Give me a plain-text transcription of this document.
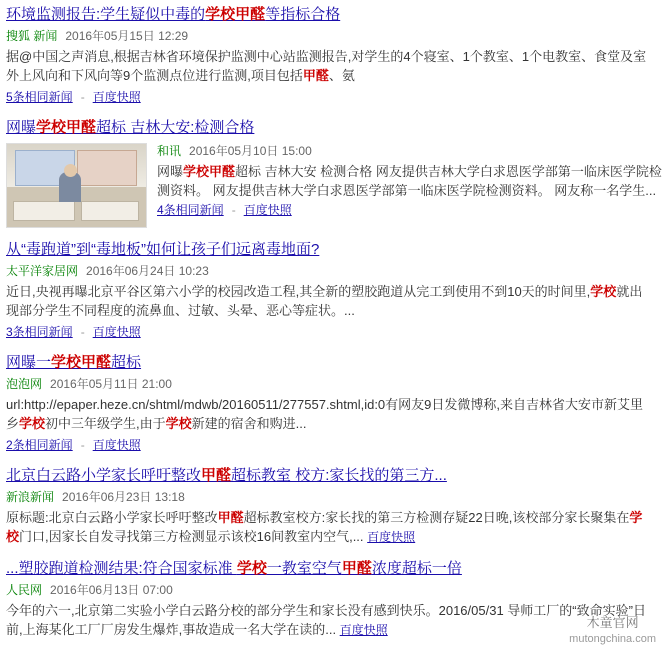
环境监测报告:学生疑似中毒的学校甲醛等指标合格
搜狐 新闻 2016年05月15日 12:29
据@中国之声消息,根据吉林省环境保护监测中心站监测报告,对学生的4个寝室、1个教室、1个电教室、食堂及室外上风向和下风向等9个监测点位进行监测,项目包括甲醛、氨
5条相同新闻 - 百度快照
网曝学校甲醛超标 吉林大安:检测合格
和讯 2016年05月10日 15:00
网曝学校甲醛超标 吉林大安 检测合格 网友提供吉林大学白求恩医学部第一临床医学院检测资料。 网友提供吉林大学白求恩医学部第一临床医学院检测资料。 网友称一名学生... 4条相同新闻 - 百度快照
从“毒跑道”到“毒地板”如何让孩子们远离毒地面?
太平洋家居网 2016年06月24日 10:23
近日,央视再曝北京平谷区第六小学的校园改造工程,其全新的塑胶跑道从完工到使用不到10天的时间里,学校就出现部分学生不同程度的流鼻血、过敏、头晕、恶心等症状。...
3条相同新闻 - 百度快照
网曝一学校甲醛超标
泡泡网 2016年05月11日 21:00
url:http://epaper.heze.cn/shtml/mdwb/20160511/277557.shtml,id:0有网友9日发微博称,来自吉林省大安市新艾里乡学校初中三年级学生,由于学校新建的宿舍和购进...
2条相同新闻 - 百度快照
北京白云路小学家长呼吁整改甲醛超标教室 校方:家长找的第三方...
新浪新闻 2016年06月23日 13:18
原标题:北京白云路小学家长呼吁整改甲醛超标教室校方:家长找的第三方检测存疑22日晚,该校部分家长聚集在学校门口,因家长自发寻找第三方检测显示该校16间教室内空气,... 百度快照
...塑胶跑道检测结果:符合国家标准 学校一教室空气甲醛浓度超标一倍
人民网 2016年06月13日 07:00
今年的六一,北京第二实验小学白云路分校的部分学生和家长没有感到快乐。2016/05/31 导师工厂的“致命实验”日前,上海某化工厂厂房发生爆炸,事故造成一名大学在读的... 百度快照	木童官网
mutongchina.com
